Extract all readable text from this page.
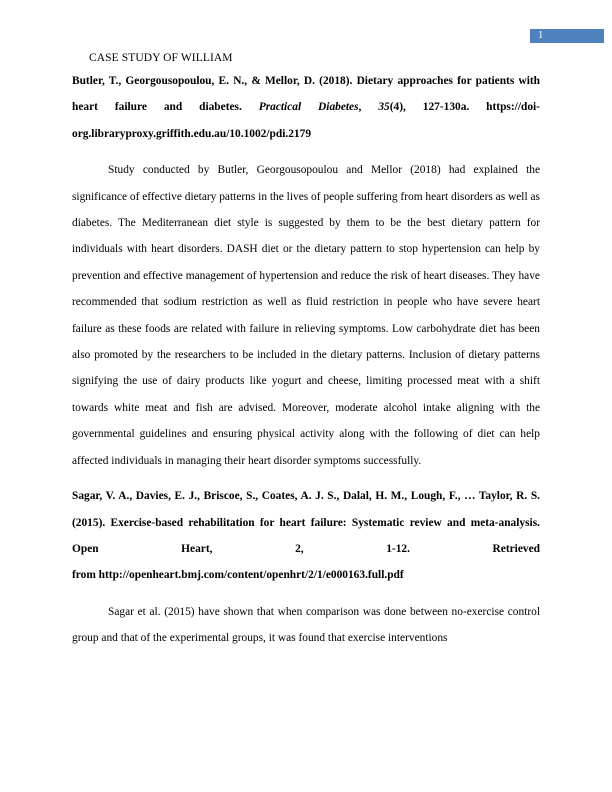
1
CASE STUDY OF WILLIAM

Butler, T., Georgousopoulou, E. N., & Mellor, D. (2018). Dietary approaches for patients with heart failure and diabetes. Practical Diabetes, 35(4), 127-130a. https://doi-org.libraryproxy.griffith.edu.au/10.1002/pdi.2179

Study conducted by Butler, Georgousopoulou and Mellor (2018) had explained the significance of effective dietary patterns in the lives of people suffering from heart disorders as well as diabetes. The Mediterranean diet style is suggested by them to be the best dietary pattern for individuals with heart disorders. DASH diet or the dietary pattern to stop hypertension can help by prevention and effective management of hypertension and reduce the risk of heart diseases. They have recommended that sodium restriction as well as fluid restriction in people who have severe heart failure as these foods are related with failure in relieving symptoms. Low carbohydrate diet has been also promoted by the researchers to be included in the dietary patterns. Inclusion of dietary patterns signifying the use of dairy products like yogurt and cheese, limiting processed meat with a shift towards white meat and fish are advised. Moreover, moderate alcohol intake aligning with the governmental guidelines and ensuring physical activity along with the following of diet can help affected individuals in managing their heart disorder symptoms successfully.

Sagar, V. A., Davies, E. J., Briscoe, S., Coates, A. J. S., Dalal, H. M., Lough, F., … Taylor, R. S. (2015). Exercise-based rehabilitation for heart failure: Systematic review and meta-analysis. Open Heart, 2, 1-12. Retrieved
from http://openheart.bmj.com/content/openhrt/2/1/e000163.full.pdf

Sagar et al. (2015) have shown that when comparison was done between no-exercise control group and that of the experimental groups, it was found that exercise interventions
